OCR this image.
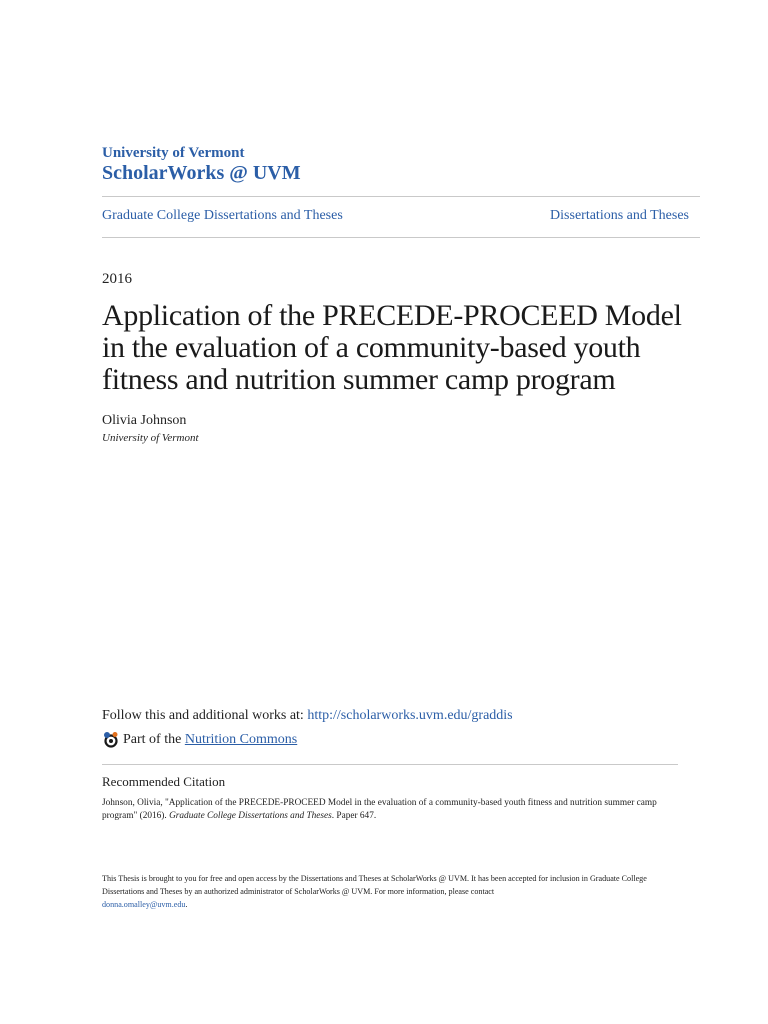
University of Vermont
ScholarWorks @ UVM
Graduate College Dissertations and Theses	Dissertations and Theses
2016
Application of the PRECEDE-PROCEED Model
in the evaluation of a community-based youth
fitness and nutrition summer camp program
Olivia Johnson
University of Vermont
Follow this and additional works at: http://scholarworks.uvm.edu/graddis
Part of the
Nutrition Commons
Recommended Citation
Johnson, Olivia, "Application of the PRECEDE-PROCEED Model in the evaluation of a community-based youth fitness and nutrition summer camp program" (2016). Graduate College Dissertations and Theses. Paper 647.
This Thesis is brought to you for free and open access by the Dissertations and Theses at ScholarWorks @ UVM. It has been accepted for inclusion in Graduate College Dissertations and Theses by an authorized administrator of ScholarWorks @ UVM. For more information, please contact
donna.omalley@uvm.edu.
